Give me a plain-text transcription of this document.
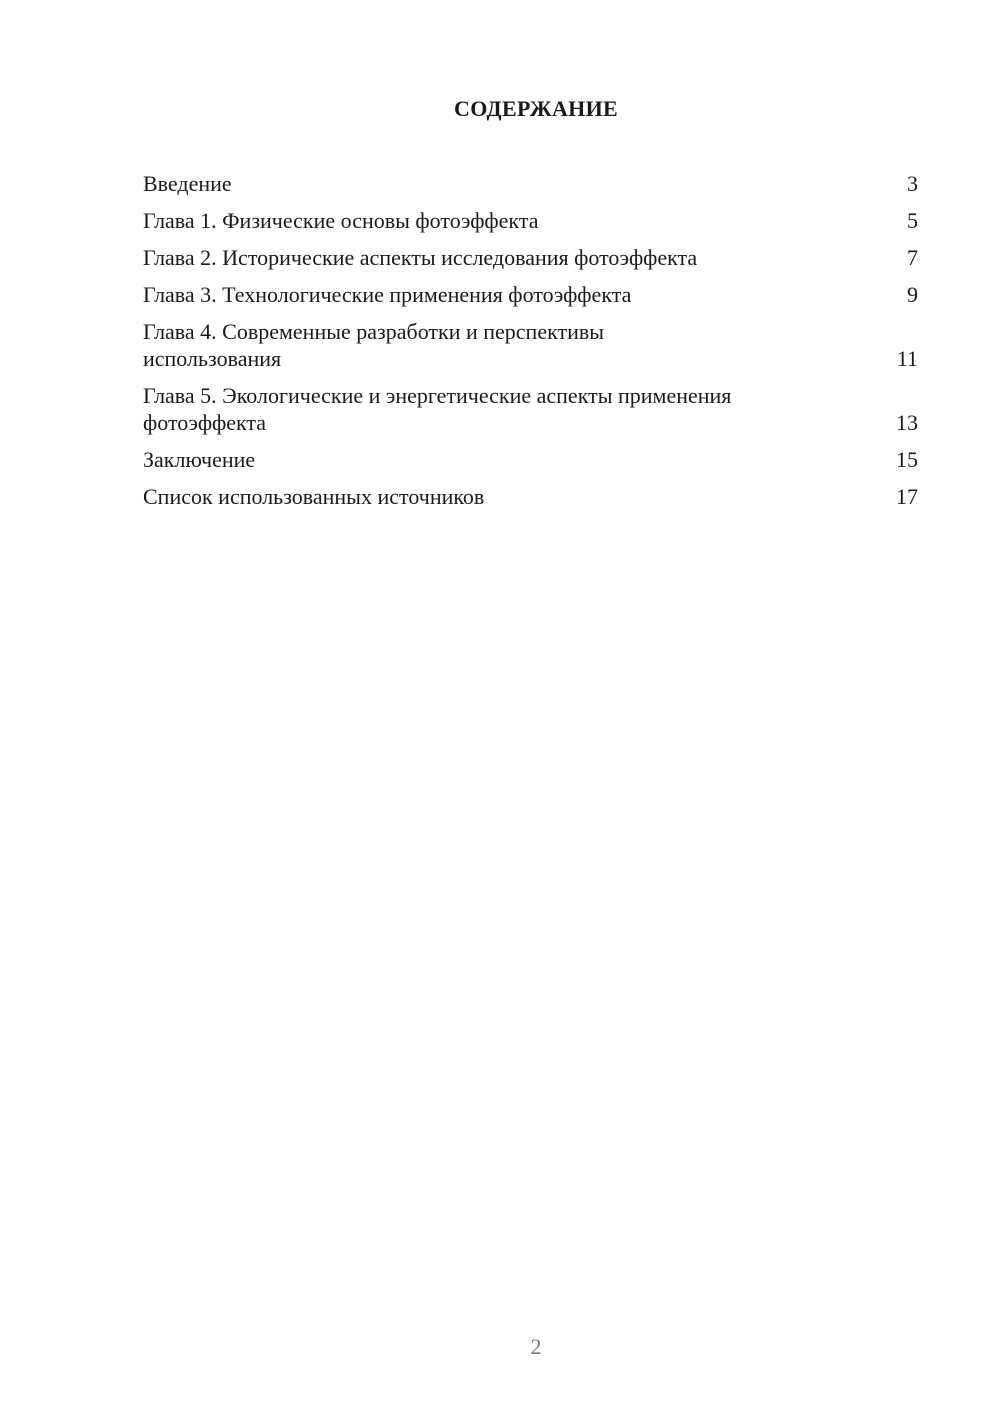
СОДЕРЖАНИЕ
Введение	3
Глава 1. Физические основы фотоэффекта	5
Глава 2. Исторические аспекты исследования фотоэффекта	7
Глава 3. Технологические применения фотоэффекта	9
Глава 4. Современные разработки и перспективы использования	11
Глава 5. Экологические и энергетические аспекты применения фотоэффекта	13
Заключение	15
Список использованных источников	17
2
